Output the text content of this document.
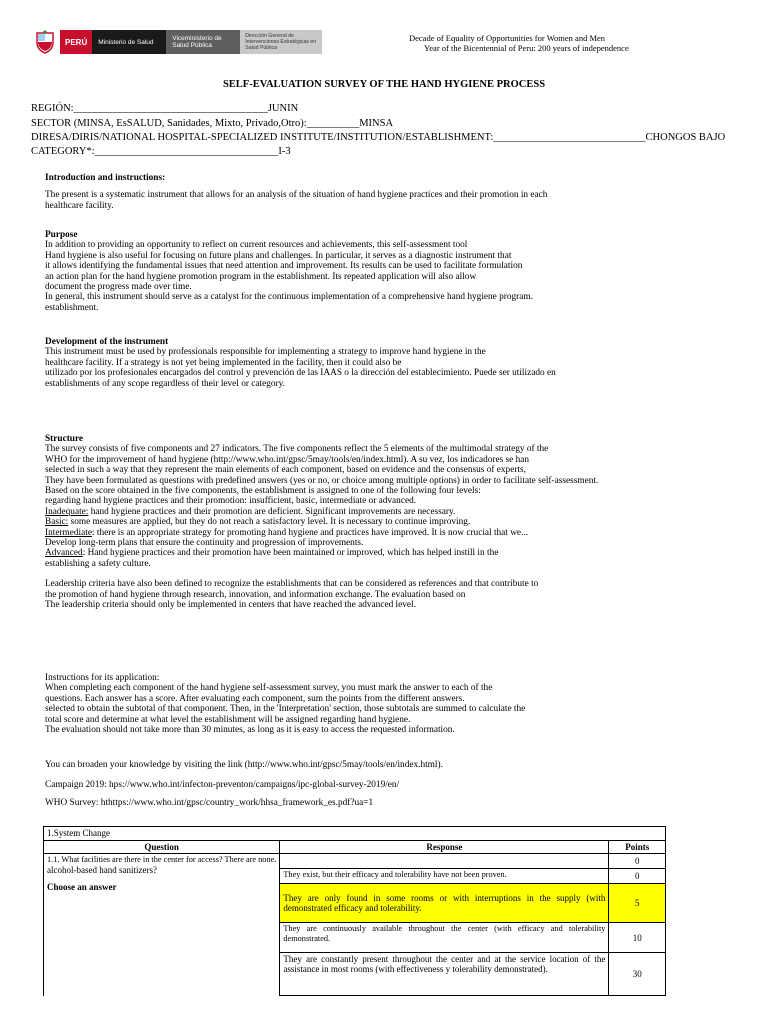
PERÚ	Ministerio de Salud	Viceministerio de Salud Pública
Dirección General de Intervenciones Estratégicas en Salud Pública
Decade of Equality of Opportunities for Women and Men
Year of the Bicentennial of Peru: 200 years of independence
SELF-EVALUATION SURVEY OF THE HAND HYGIENE PROCESS
REGIÓN:_____________________________________JUNIN
SECTOR (MINSA, EsSALUD, Sanidades, Mixto, Privado,Otro):__________MINSA
DIRESA/DIRIS/NATIONAL HOSPITAL-SPECIALIZED INSTITUTE/INSTITUTION/ESTABLISHMENT:_____________________________CHONGOS BAJO
CATEGORY*:___________________________________I-3

Introduction and instructions:

The present is a systematic instrument that allows for an analysis of the situation of hand hygiene practices and their promotion in each healthcare facility.

Purpose

In addition to providing an opportunity to reflect on current resources and achievements, this self-assessment tool

Hand hygiene is also useful for focusing on future plans and challenges. In particular, it serves as a diagnostic instrument that

it allows identifying the fundamental issues that need attention and improvement. Its results can be used to facilitate formulation

an action plan for the hand hygiene promotion program in the establishment. Its repeated application will also allow

document the progress made over time.

In general, this instrument should serve as a catalyst for the continuous implementation of a comprehensive hand hygiene program.

establishment.

Development of the instrument

This instrument must be used by professionals responsible for implementing a strategy to improve hand hygiene in the

healthcare facility. If a strategy is not yet being implemented in the facility, then it could also be

utilizado por los profesionales encargados del control y prevención de las IAAS o la dirección del establecimiento. Puede ser utilizado en

establishments of any scope regardless of their level or category.

Structure

The survey consists of five components and 27 indicators. The five components reflect the 5 elements of the multimodal strategy of the

WHO for the improvement of hand hygiene (http://www.who.int/gpsc/5may/tools/en/index.html). A su vez, los indicadores se han

selected in such a way that they represent the main elements of each component, based on evidence and the consensus of experts,

They have been formulated as questions with predefined answers (yes or no, or choice among multiple options) in order to facilitate self-assessment.

Based on the score obtained in the five components, the establishment is assigned to one of the following four levels:

regarding hand hygiene practices and their promotion: insufficient, basic, intermediate or advanced.

Inadequate: hand hygiene practices and their promotion are deficient. Significant improvements are necessary.

Basic: some measures are applied, but they do not reach a satisfactory level. It is necessary to continue improving.

Intermediate: there is an appropriate strategy for promoting hand hygiene and practices have improved. It is now crucial that we...

Develop long-term plans that ensure the continuity and progression of improvements.

Advanced: Hand hygiene practices and their promotion have been maintained or improved, which has helped instill in the

establishing a safety culture.

Leadership criteria have also been defined to recognize the establishments that can be considered as references and that contribute to

the promotion of hand hygiene through research, innovation, and information exchange. The evaluation based on

The leadership criteria should only be implemented in centers that have reached the advanced level.

Instructions for its application:

When completing each component of the hand hygiene self-assessment survey, you must mark the answer to each of the

questions. Each answer has a score. After evaluating each component, sum the points from the different answers.

selected to obtain the subtotal of that component. Then, in the 'Interpretation' section, those subtotals are summed to calculate the

total score and determine at what level the establishment will be assigned regarding hand hygiene.

The evaluation should not take more than 30 minutes, as long as it is easy to access the requested information.

You can broaden your knowledge by visiting the link (http://www.who.int/gpsc/5may/tools/en/index.html).
Campaign 2019: hps://www.who.int/infecton-preventon/campaigns/ipc-global-survey-2019/en/
WHO Survey: hthttps://www.who.int/gpsc/country_work/hhsa_framework_es.pdf?ua=1
1.System Change		
Question	Response	Points

1.1. What facilities are there in the center for access? There are none.
alcohol-based hand sanitizers?
Choose an answer		0
	They exist, but their efficacy and tolerability have not been proven.	0
	They are only found in some rooms or with interruptions in the supply (with demonstrated efficacy and tolerability.	5
	They are continuously available throughout the center (with efficacy and tolerability demonstrated.	10
	They are constantly present throughout the center and at the service location of the assistance in most rooms (with effectiveness y tolerability demonstrated).	30
